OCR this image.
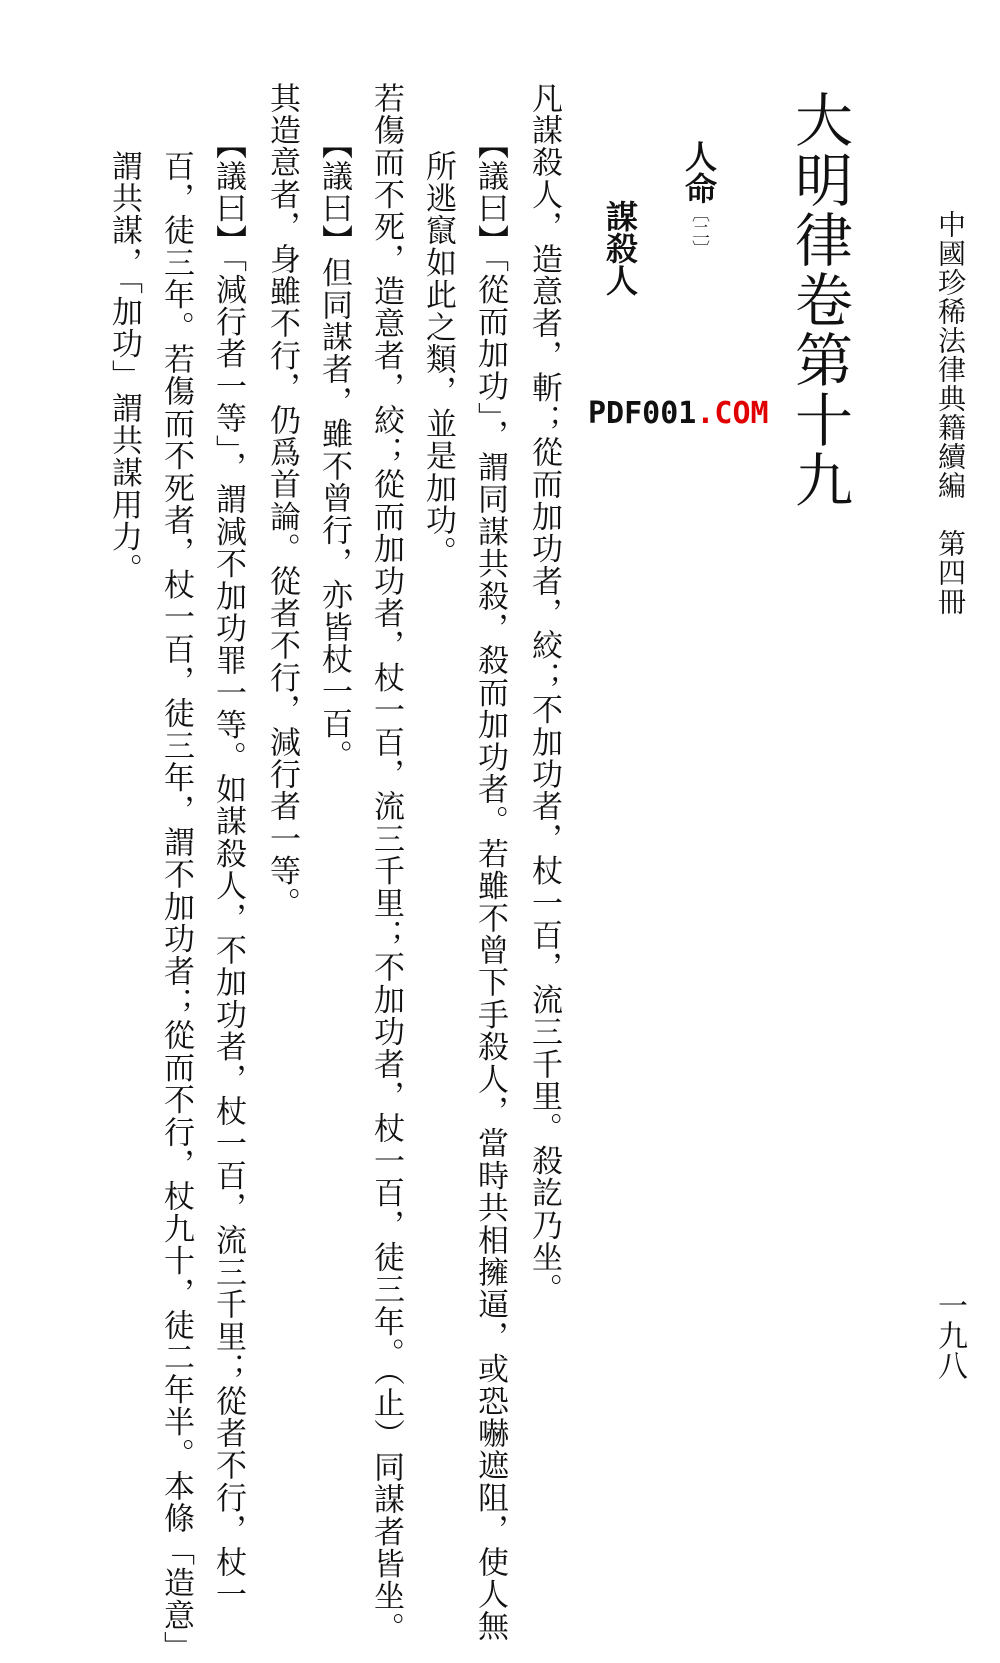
中國珍稀法律典籍續編　第四冊
一九八
大明律卷第十九
人命〔二〕
謀殺人
凡謀殺人，造意者，斬；從而加功者，絞；不加功者，杖一百，流三千里。殺訖乃坐。
【議曰】「從而加功」，謂同謀共殺，殺而加功者。若雖不曾下手殺人，當時共相擁逼，或恐嚇遮阻，使人無
所逃竄如此之類，並是加功。
若傷而不死，造意者，絞；從而加功者，杖一百，流三千里；不加功者，杖一百，徒三年。（止）同謀者皆坐。
【議曰】但同謀者，雖不曾行，亦皆杖一百。
其造意者，身雖不行，仍爲首論。從者不行，減行者一等。
【議曰】「減行者一等」，謂減不加功罪一等。如謀殺人，不加功者，杖一百，流三千里；從者不行，杖一
百，徒三年。若傷而不死者，杖一百，徒三年，謂不加功者；從而不行，杖九十，徒二年半。本條「造意」
謂共謀，「加功」謂共謀用力。	PDF001.COM
